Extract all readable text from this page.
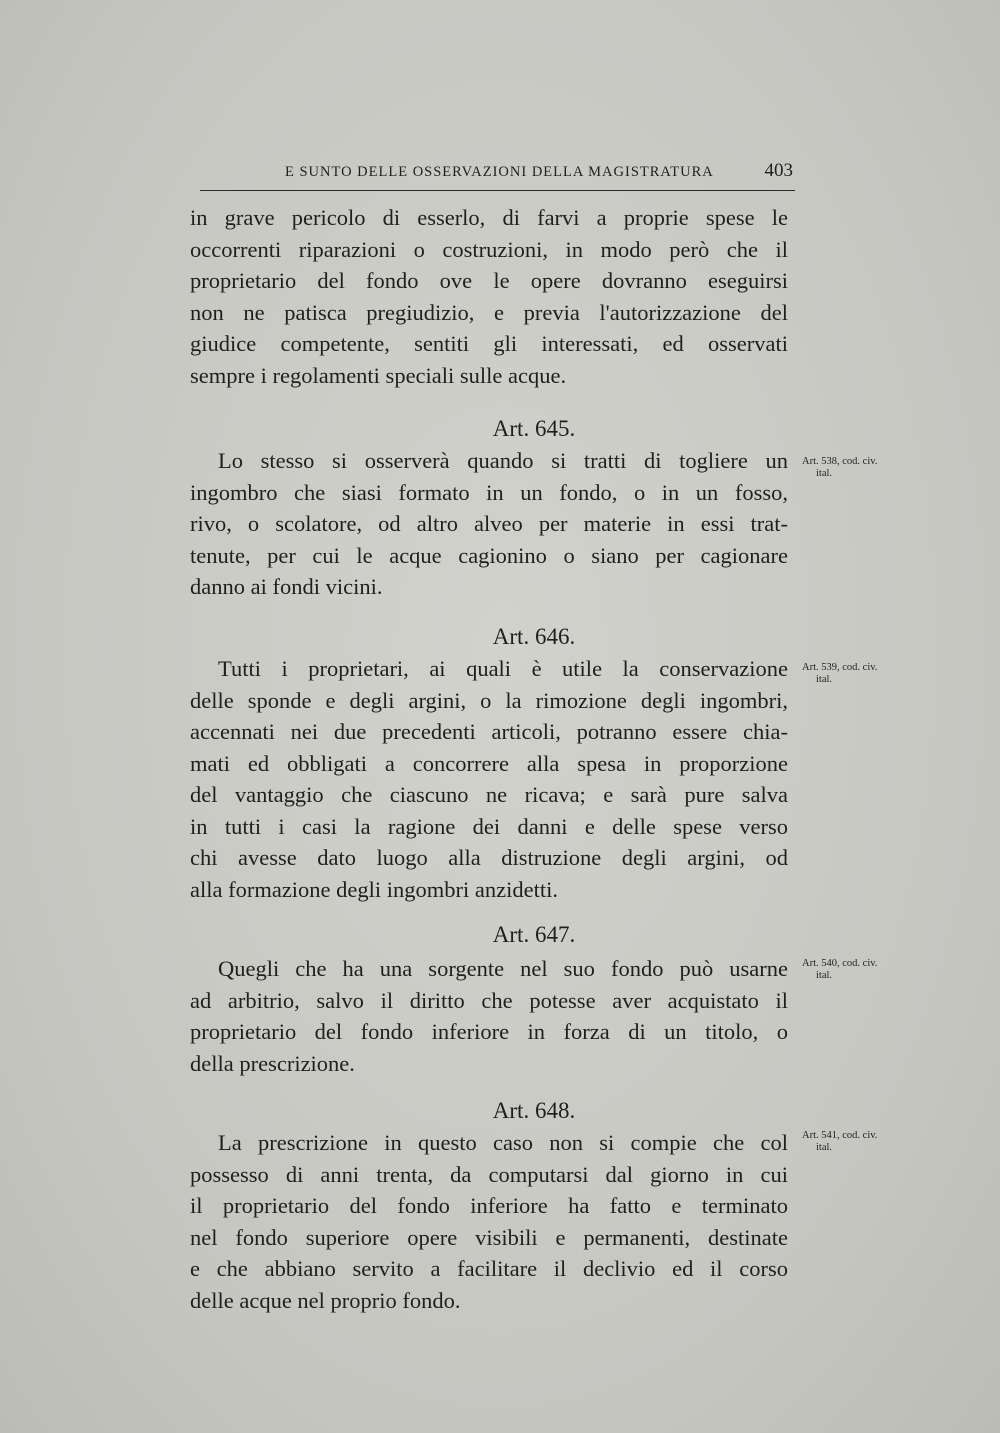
E SUNTO DELLE OSSERVAZIONI DELLA MAGISTRATURA	403

in grave pericolo di esserlo, di farvi a proprie spese le
occorrenti riparazioni o costruzioni, in modo però che il
proprietario del fondo ove le opere dovranno eseguirsi
non ne patisca pregiudizio, e previa l'autorizzazione del
giudice competente, sentiti gli interessati, ed osservati
sempre i regolamenti speciali sulle acque.

Art. 645.

Lo stesso si osserverà quando si tratti di togliere un
ingombro che siasi formato in un fondo, o in un fosso,
rivo, o scolatore, od altro alveo per materie in essi trat-
tenute, per cui le acque cagionino o siano per cagionare
danno ai fondi vicini.

Art. 538, cod. civ.
ital.
Art. 646.

Tutti i proprietari, ai quali è utile la conservazione
delle sponde e degli argini, o la rimozione degli ingombri,
accennati nei due precedenti articoli, potranno essere chia-
mati ed obbligati a concorrere alla spesa in proporzione
del vantaggio che ciascuno ne ricava; e sarà pure salva
in tutti i casi la ragione dei danni e delle spese verso
chi avesse dato luogo alla distruzione degli argini, od
alla formazione degli ingombri anzidetti.

Art. 539, cod. civ.
ital.
Art. 647.

Quegli che ha una sorgente nel suo fondo può usarne
ad arbitrio, salvo il diritto che potesse aver acquistato il
proprietario del fondo inferiore in forza di un titolo, o
della prescrizione.

Art. 540, cod. civ.
ital.
Art. 648.

La prescrizione in questo caso non si compie che col
possesso di anni trenta, da computarsi dal giorno in cui
il proprietario del fondo inferiore ha fatto e terminato
nel fondo superiore opere visibili e permanenti, destinate
e che abbiano servito a facilitare il declivio ed il corso
delle acque nel proprio fondo.

Art. 541, cod. civ.
ital.
